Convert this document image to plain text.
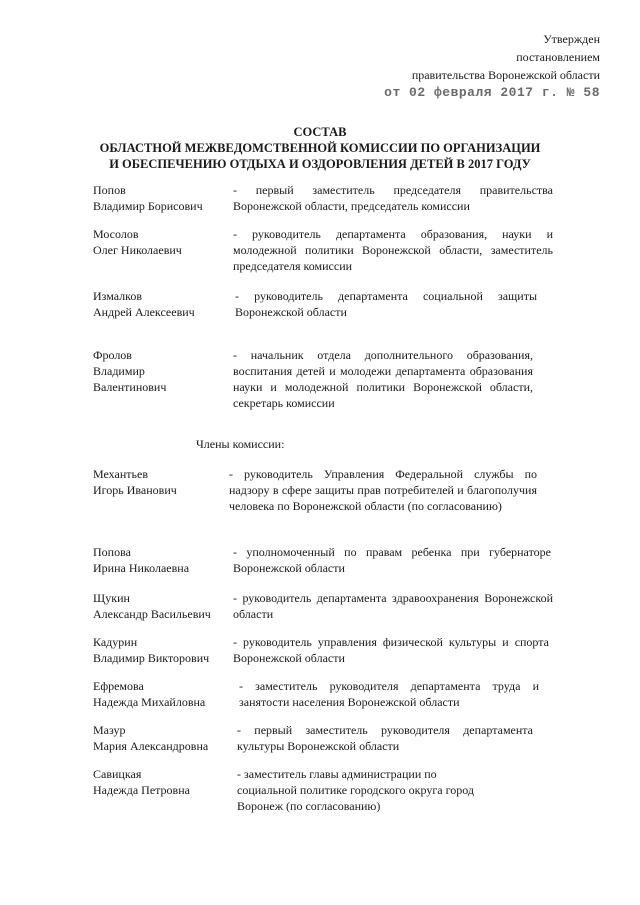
Утвержден
постановлением
правительства Воронежской области
от 02 февраля 2017 г. № 58
СОСТАВ
ОБЛАСТНОЙ МЕЖВЕДОМСТВЕННОЙ КОМИССИИ ПО ОРГАНИЗАЦИИ
И ОБЕСПЕЧЕНИЮ ОТДЫХА И ОЗДОРОВЛЕНИЯ ДЕТЕЙ В 2017 ГОДУ
Попов
Владимир Борисович
- первый заместитель председателя правительства Воронежской области, председатель комиссии
Мосолов
Олег Николаевич
- руководитель департамента образования, науки и молодежной политики Воронежской области, заместитель председателя комиссии
Измалков
Андрей Алексеевич
- руководитель департамента социальной защиты Воронежской области
Фролов
Владимир
Валентинович
- начальник отдела дополнительного образования, воспитания детей и молодежи департамента образования науки и молодежной политики Воронежской области, секретарь комиссии
Механтьев
Игорь Иванович
- руководитель Управления Федеральной службы по надзору в сфере защиты прав потребителей и благополучия человека по Воронежской области (по согласованию)
Попова
Ирина Николаевна
- уполномоченный по правам ребенка при губернаторе Воронежской области
Щукин
Александр Васильевич
- руководитель департамента здравоохранения Воронежской области
Кадурин
Владимир Викторович
- руководитель управления физической культуры и спорта Воронежской области
Ефремова
Надежда Михайловна
- заместитель руководителя департамента труда и занятости населения Воронежской области
Мазур
Мария Александровна
- первый заместитель руководителя департамента культуры Воронежской области
Савицкая
Надежда Петровна
- заместитель главы администрации по социальной политике городского округа город Воронеж (по согласованию)
Члены комиссии:
